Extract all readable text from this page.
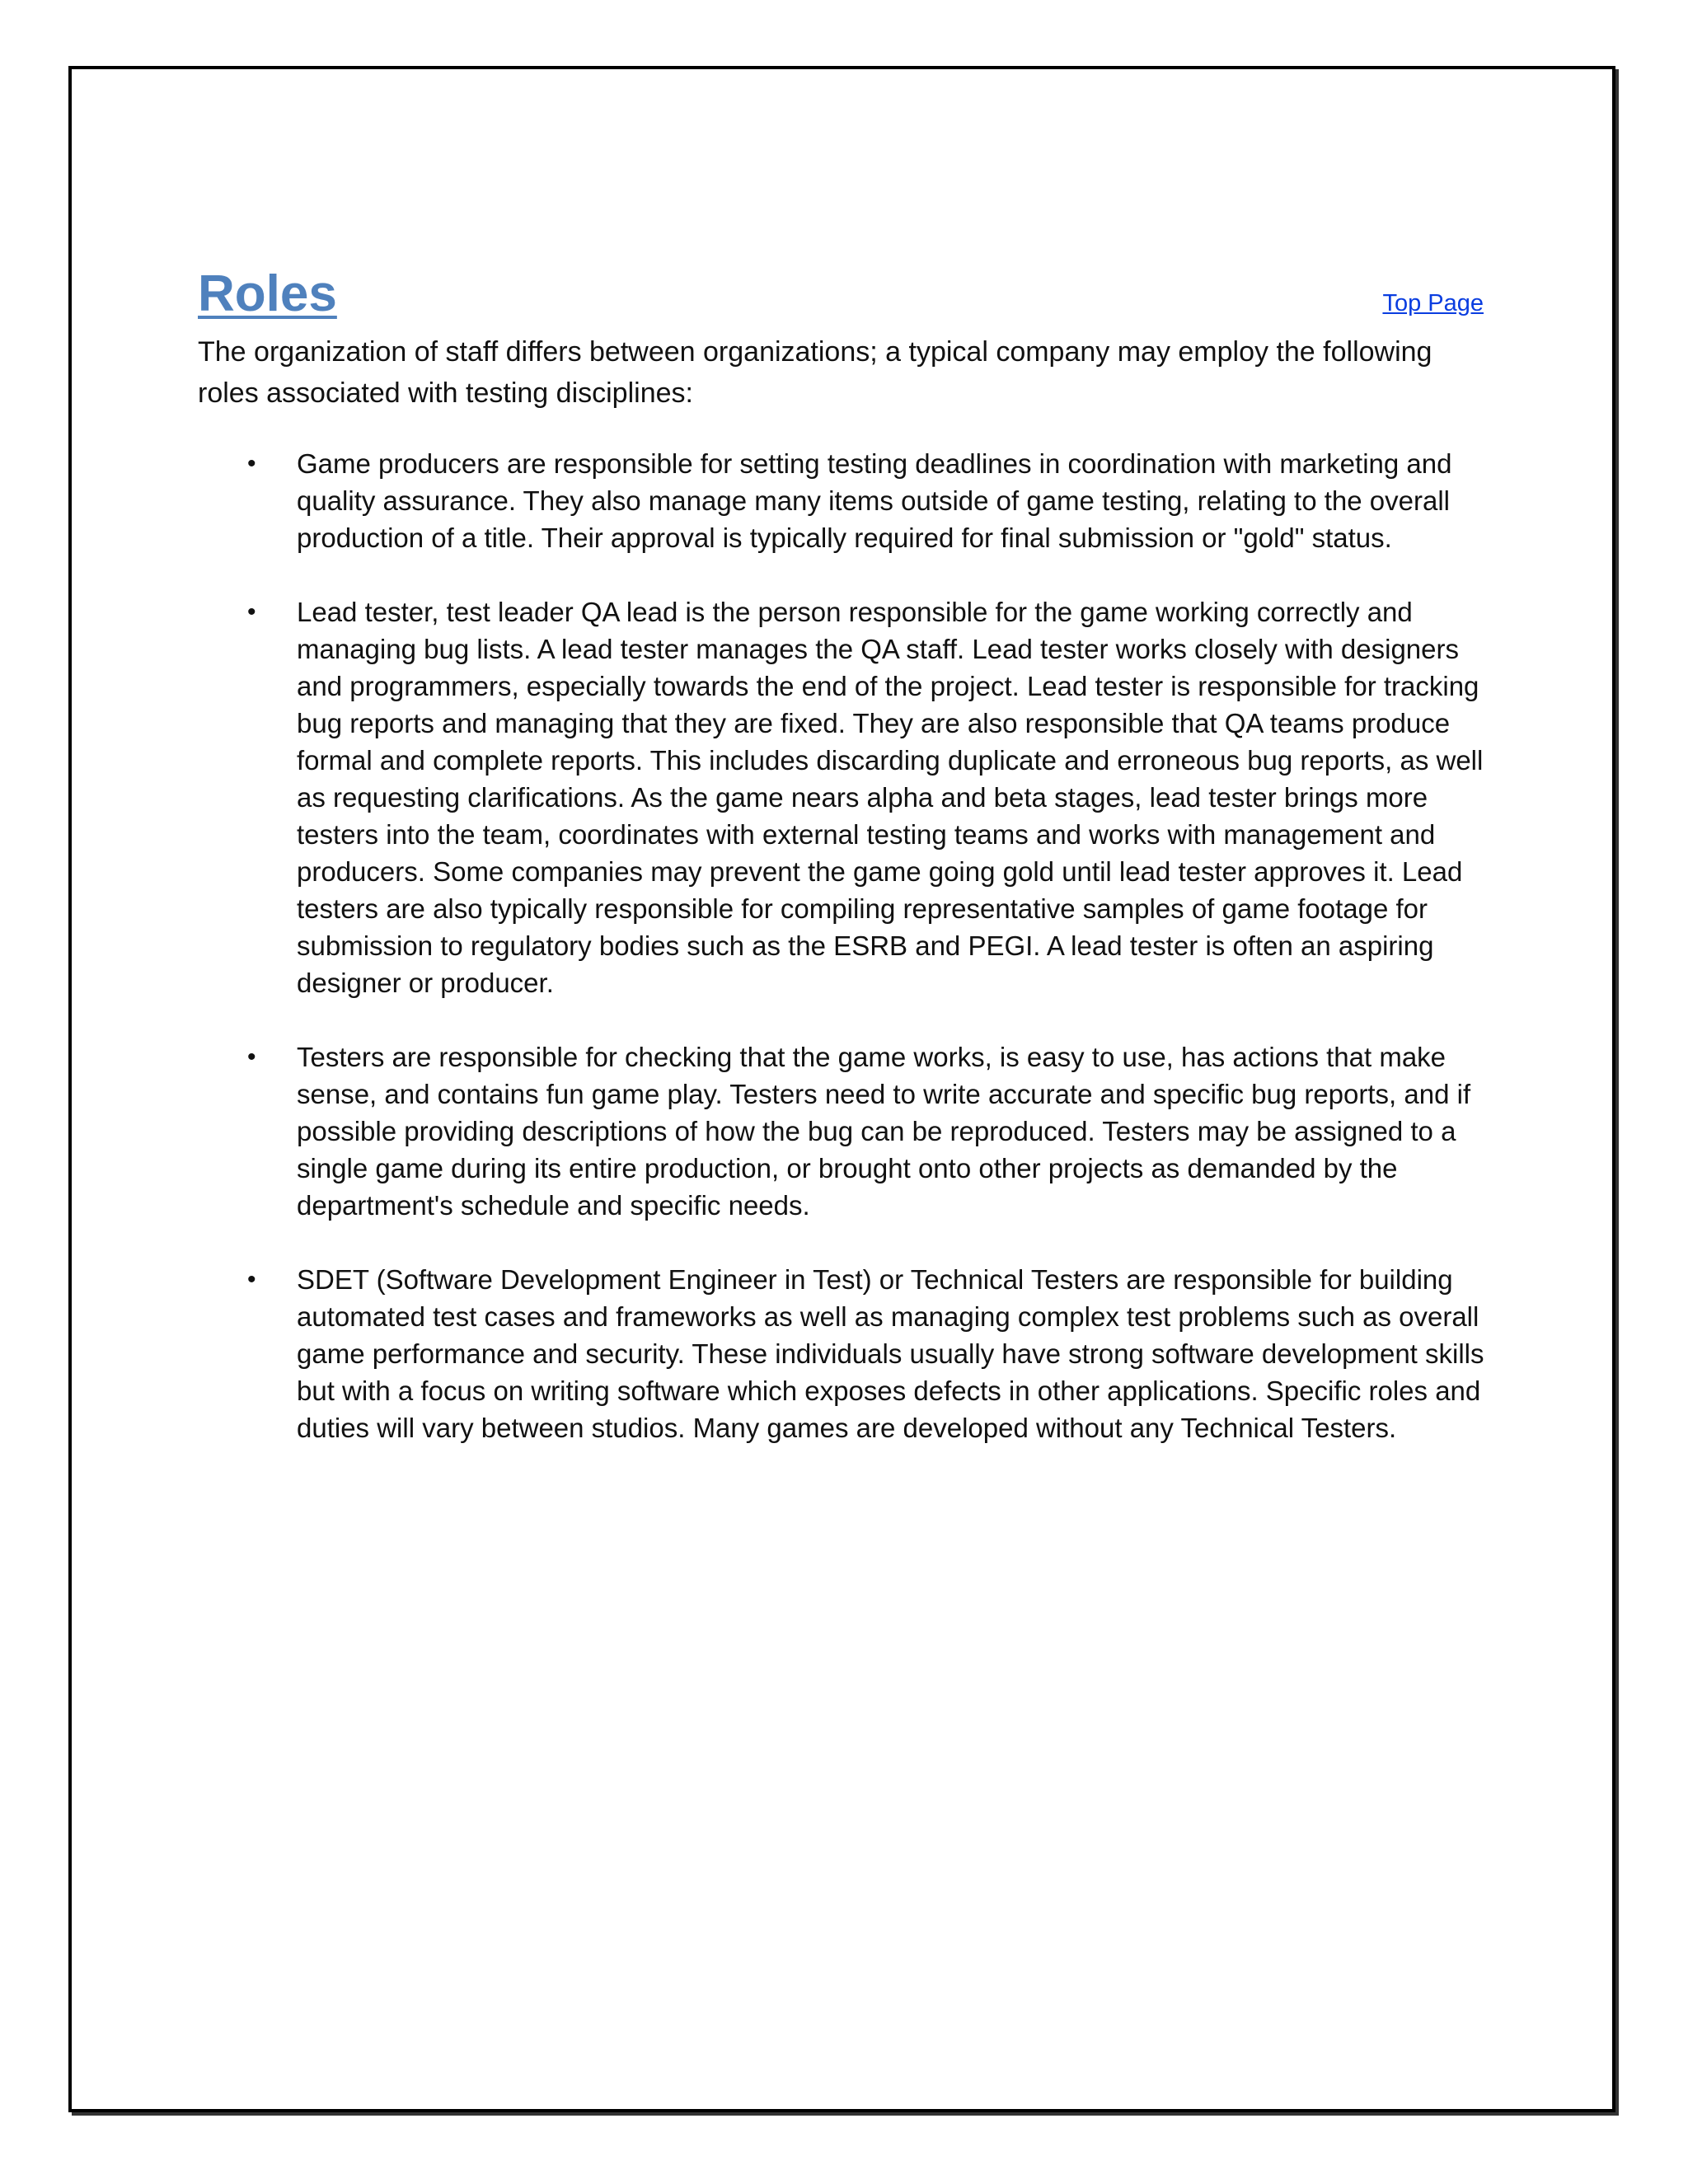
Roles	Top Page

The organization of staff differs between organizations; a typical company may employ the following roles associated with testing disciplines:

• Game producers are responsible for setting testing deadlines in coordination with marketing and quality assurance. They also manage many items outside of game testing, relating to the overall production of a title. Their approval is typically required for final submission or "gold" status.
• Lead tester, test leader QA lead is the person responsible for the game working correctly and managing bug lists. A lead tester manages the QA staff. Lead tester works closely with designers and programmers, especially towards the end of the project. Lead tester is responsible for tracking bug reports and managing that they are fixed. They are also responsible that QA teams produce formal and complete reports. This includes discarding duplicate and erroneous bug reports, as well as requesting clarifications. As the game nears alpha and beta stages, lead tester brings more testers into the team, coordinates with external testing teams and works with management and producers. Some companies may prevent the game going gold until lead tester approves it. Lead testers are also typically responsible for compiling representative samples of game footage for submission to regulatory bodies such as the ESRB and PEGI. A lead tester is often an aspiring designer or producer.
• Testers are responsible for checking that the game works, is easy to use, has actions that make sense, and contains fun game play. Testers need to write accurate and specific bug reports, and if possible providing descriptions of how the bug can be reproduced. Testers may be assigned to a single game during its entire production, or brought onto other projects as demanded by the department's schedule and specific needs.
• SDET (Software Development Engineer in Test) or Technical Testers are responsible for building automated test cases and frameworks as well as managing complex test problems such as overall game performance and security. These individuals usually have strong software development skills but with a focus on writing software which exposes defects in other applications. Specific roles and duties will vary between studios. Many games are developed without any Technical Testers.
